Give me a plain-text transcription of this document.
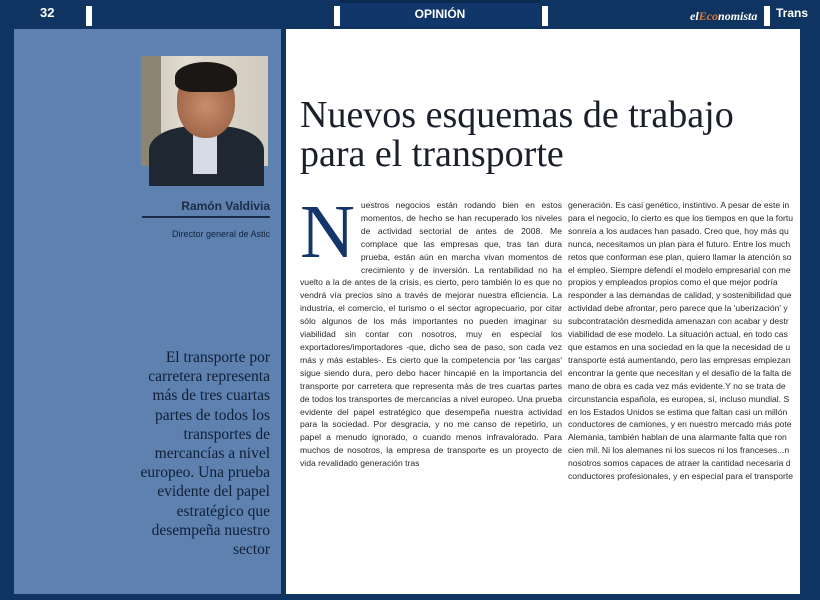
32	OPINIÓN	elEconomista Trans
Ramón Valdivia
Director general de Astic
El transporte por carretera representa más de tres cuartas partes de todos los transportes de mercancías a nivel europeo. Una prueba evidente del papel estratégico que desempeña nuestro sector
Nuevos esquemas de trabajo
para el transporte
N uestros negocios están rodando bien en estos momentos, de hecho se han recuperado los niveles de actividad sectorial de antes de 2008. Me complace que las empresas que, tras tan dura prueba, están aún en marcha vivan momentos de crecimiento y de inversión. La rentabilidad no ha vuelto a la de antes de la crisis, es cierto, pero también lo es que no vendrá vía precios sino a través de mejorar nuestra eficiencia. La industria, el comercio, el turismo o el sector agropecuario, por citar sólo algunos de los más importantes no pueden imaginar su viabilidad sin contar con nosotros, muy en especial los exportadores/importadores -que, dicho sea de paso, son cada vez más y más estables-. Es cierto que la competencia por 'las cargas' sigue siendo dura, pero debo hacer hincapié en la importancia del transporte por carretera que representa más de tres cuartas partes de todos los transportes de mercancías a nivel europeo. Una prueba evidente del papel estratégico que desempeña nuestra actividad para la sociedad. Por desgracia, y no me canso de repetirlo, un papel a menudo ignorado, o cuando menos infravalorado. Para muchos de nosotros, la empresa de transporte es un proyecto de vida revalidado generación tras
generación. Es casi genético, instintivo. A pesar de este in
para el negocio, lo cierto es que los tiempos en que la fortu
sonreía a los audaces han pasado. Creo que, hoy más qu
nunca, necesitamos un plan para el futuro. Entre los much
retos que conforman ese plan, quiero llamar la atención so
el empleo. Siempre defendí el modelo empresarial con me
propios y empleados propios como el que mejor podría
responder a las demandas de calidad, y sostenibilidad que
actividad debe afrontar, pero parece que la 'uberización' y
subcontratación desmedida amenazan con acabar y destr
viabilidad de ese modelo. La situación actual, en todo cas
que estamos en una sociedad en la que la necesidad de u
transporte está aumentando, pero las empresas empiezan
encontrar la gente que necesitan y el desafío de la falta de
mano de obra es cada vez más evidente.Y no se trata de
circunstancia española, es europea, sí, incluso mundial. S
en los Estados Unidos se estima que faltan casi un millón
conductores de camiones, y en nuestro mercado más pote
Alemania, también hablan de una alarmante falta que ron
cien mil. Ni los alemanes ni los suecos ni los franceses...n
nosotros somos capaces de atraer la cantidad necesaria d
conductores profesionales, y en especial para el transporte
